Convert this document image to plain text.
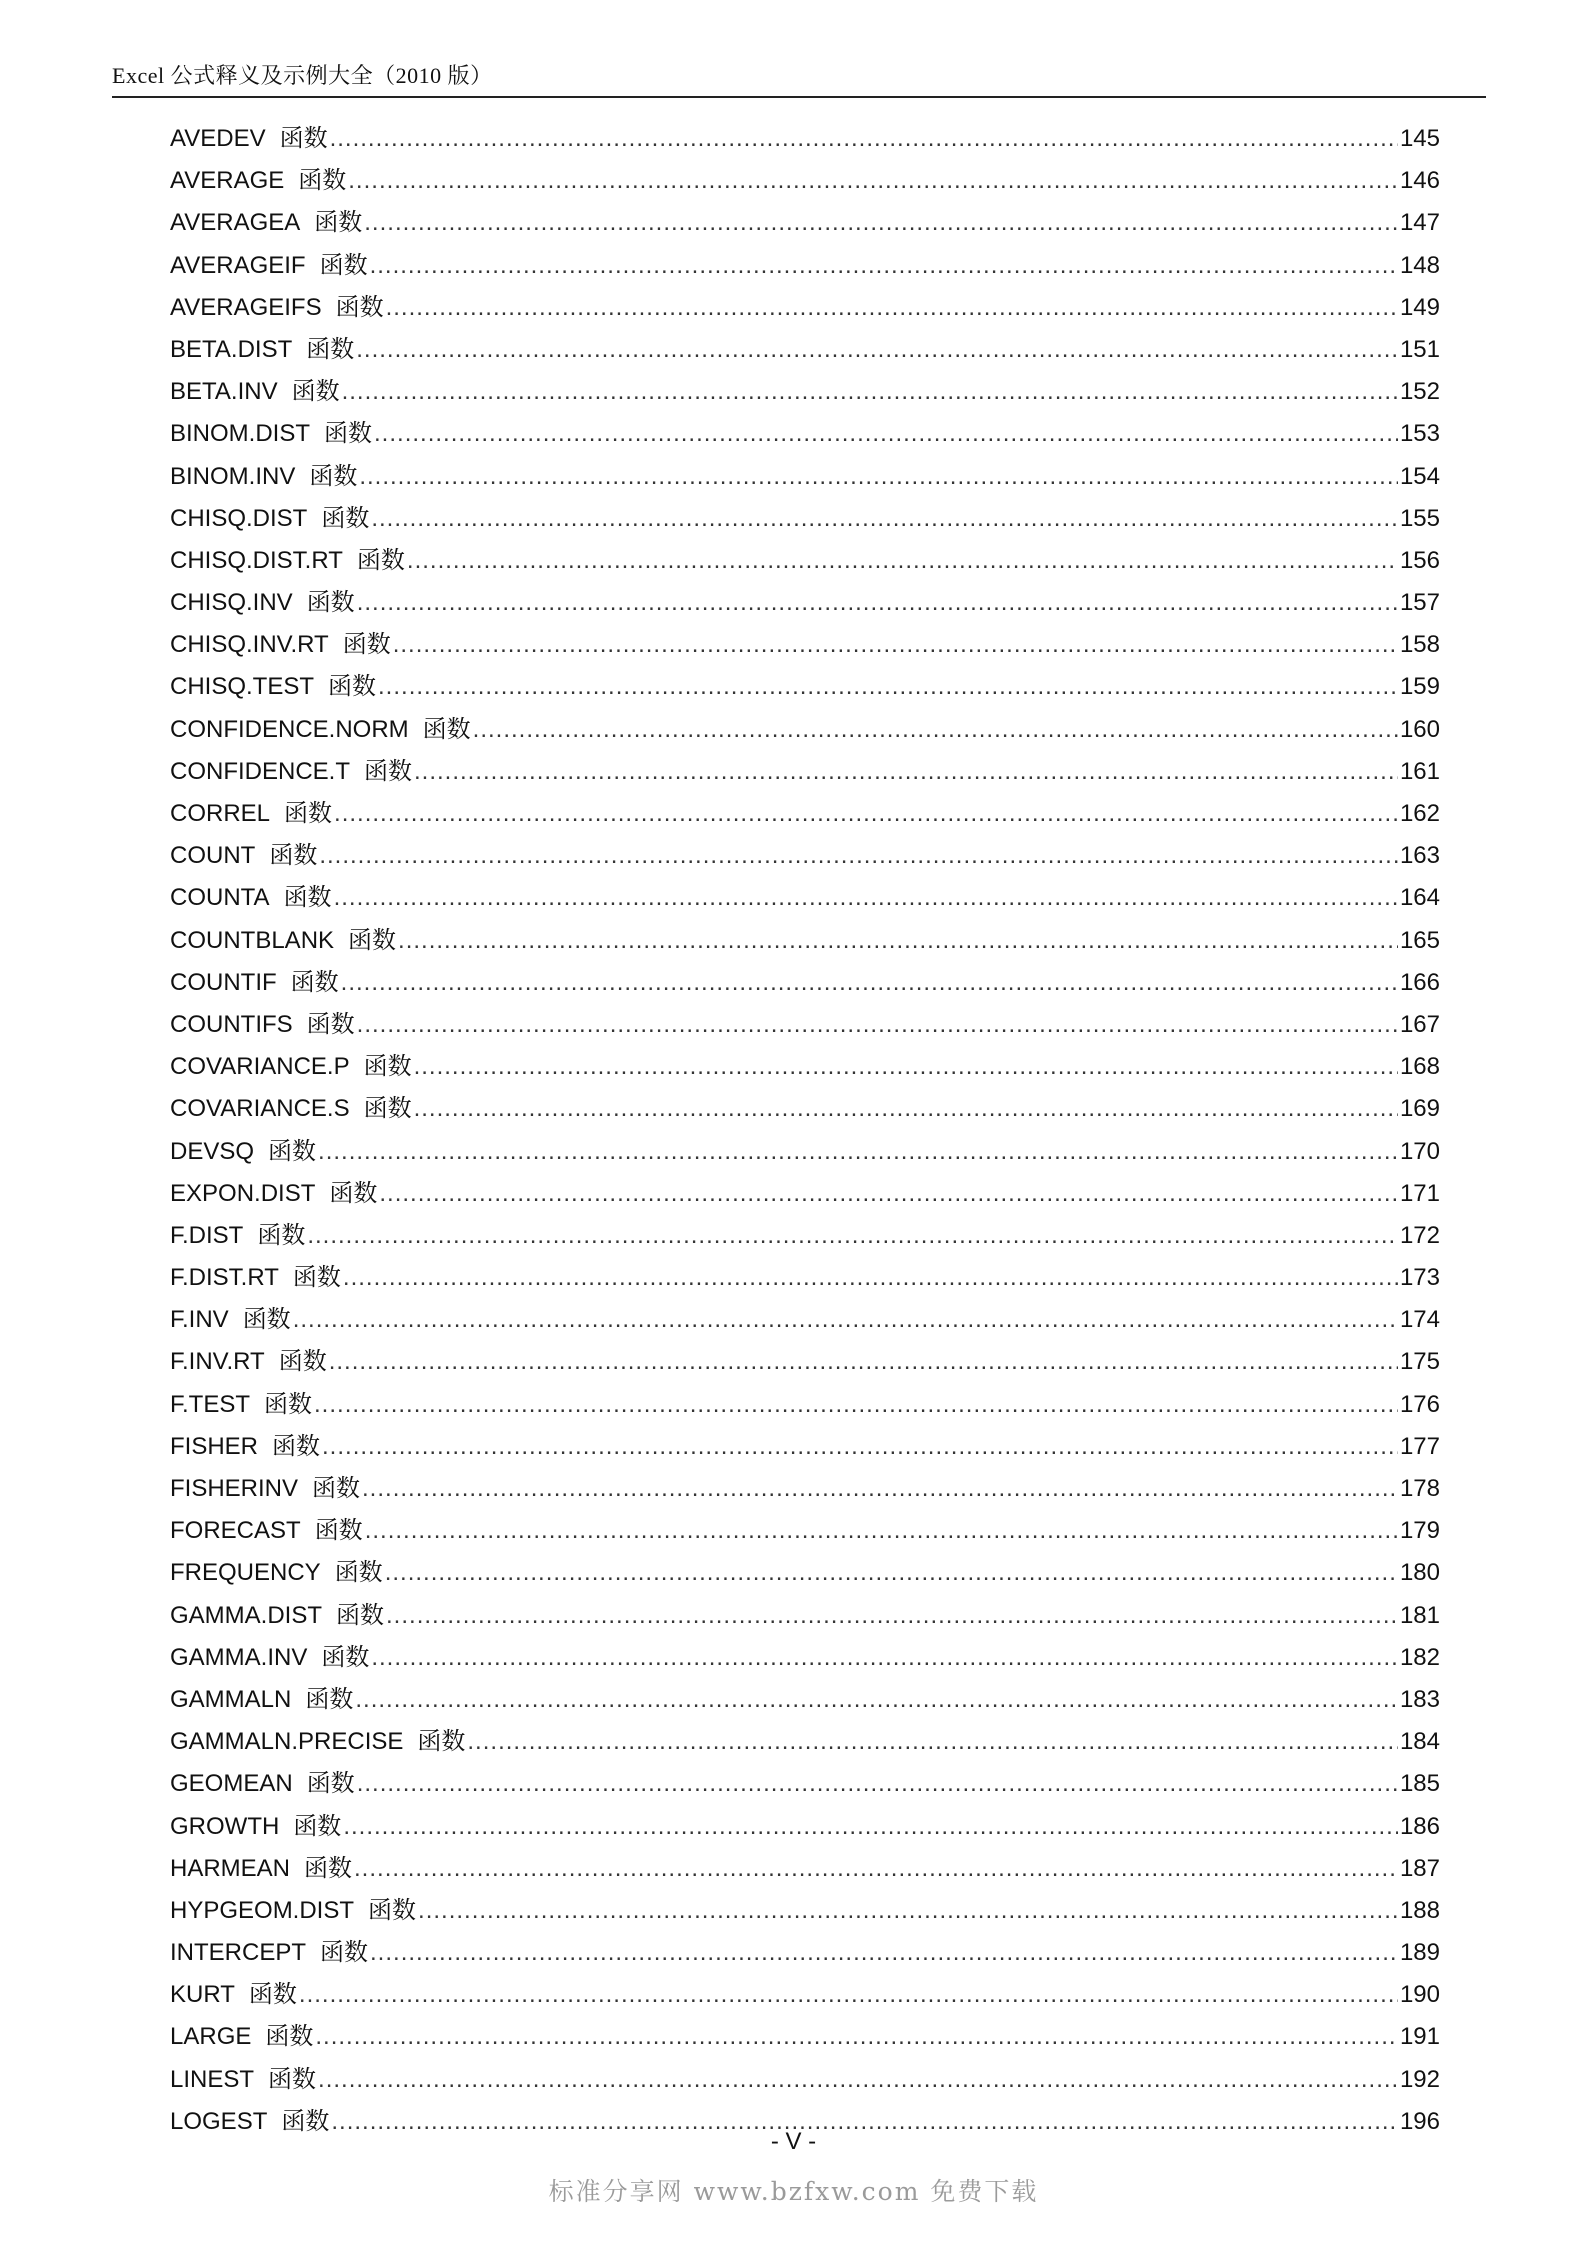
Excel 公式释义及示例大全（2010 版）
AVEDEV 函数 .....	145
AVERAGE 函数 .....	146
AVERAGEA 函数 .....	147
AVERAGEIF 函数 .....	148
AVERAGEIFS 函数 .....	149
BETA.DIST 函数 .....	151
BETA.INV 函数 .....	152
BINOM.DIST 函数 .....	153
BINOM.INV 函数 .....	154
CHISQ.DIST 函数 .....	155
CHISQ.DIST.RT 函数 .....	156
CHISQ.INV 函数 .....	157
CHISQ.INV.RT 函数 .....	158
CHISQ.TEST 函数 .....	159
CONFIDENCE.NORM 函数 .....	160
CONFIDENCE.T 函数 .....	161
CORREL 函数 .....	162
COUNT 函数 .....	163
COUNTA 函数 .....	164
COUNTBLANK 函数 .....	165
COUNTIF 函数 .....	166
COUNTIFS 函数 .....	167
COVARIANCE.P 函数 .....	168
COVARIANCE.S 函数 .....	169
DEVSQ 函数 .....	170
EXPON.DIST 函数 .....	171
F.DIST 函数 .....	172
F.DIST.RT 函数 .....	173
F.INV 函数 .....	174
F.INV.RT 函数 .....	175
F.TEST 函数 .....	176
FISHER 函数 .....	177
FISHERINV 函数 .....	178
FORECAST 函数 .....	179
FREQUENCY 函数 .....	180
GAMMA.DIST 函数 .....	181
GAMMA.INV 函数 .....	182
GAMMALN 函数 .....	183
GAMMALN.PRECISE 函数 .....	184
GEOMEAN 函数 .....	185
GROWTH 函数 .....	186
HARMEAN 函数 .....	187
HYPGEOM.DIST 函数 .....	188
INTERCEPT 函数 .....	189
KURT 函数 .....	190
LARGE 函数 .....	191
LINEST 函数 .....	192
LOGEST 函数 .....	196
- V -
标准分享网 www.bzfxw.com 免费下载
